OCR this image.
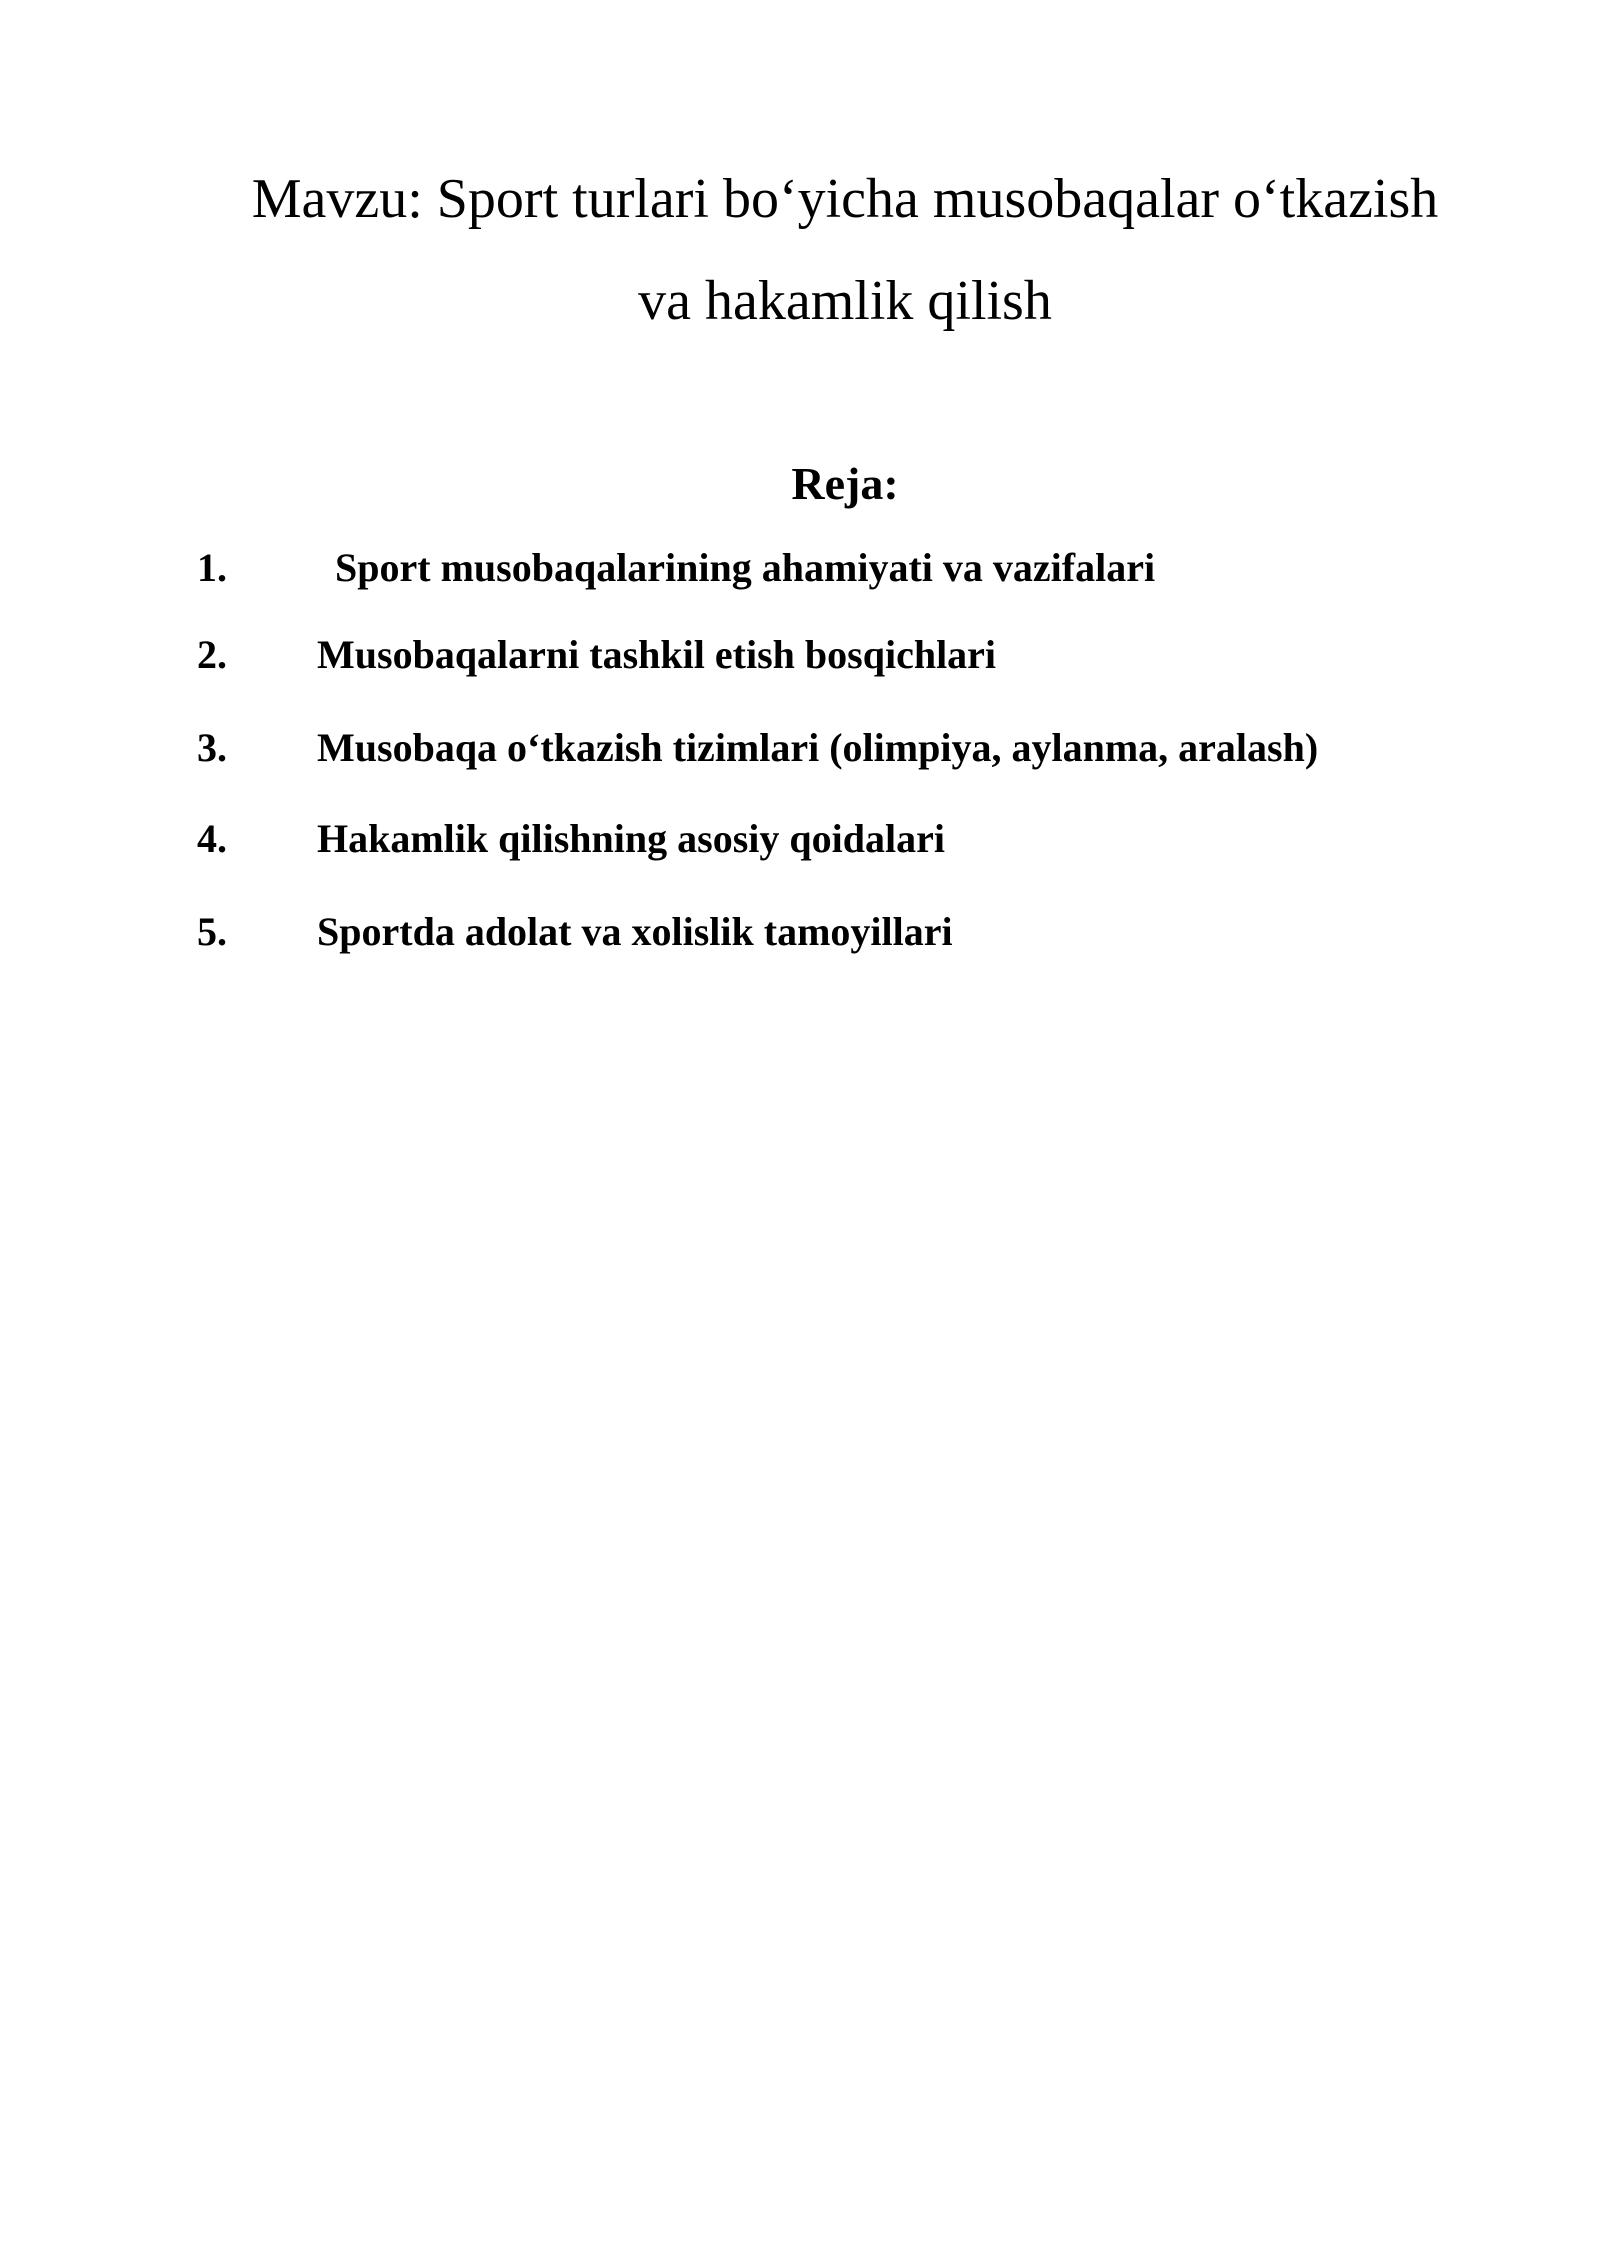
Mavzu: Sport turlari bo‘yicha musobaqalar o‘tkazish
va hakamlik qilish
Reja:
1.	Sport musobaqalarining ahamiyati va vazifalari
2. Musobaqalarni tashkil etish bosqichlari
3. Musobaqa o‘tkazish tizimlari (olimpiya, aylanma, aralash)
4. Hakamlik qilishning asosiy qoidalari
5. Sportda adolat va xolislik tamoyillari
